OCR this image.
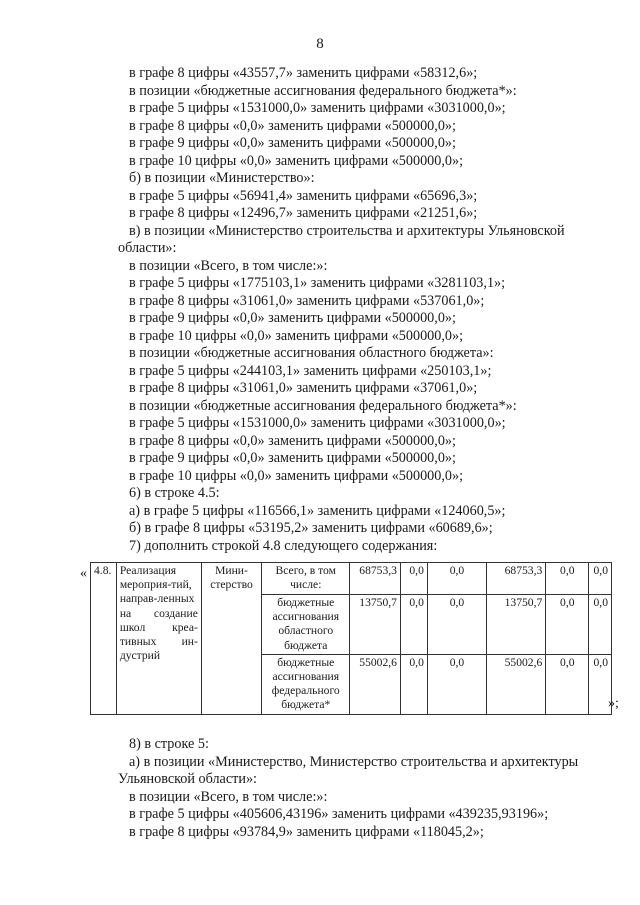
8
в графе 8 цифры «43557,7» заменить цифрами «58312,6»;
в позиции «бюджетные ассигнования федерального бюджета*»:
в графе 5 цифры «1531000,0» заменить цифрами «3031000,0»;
в графе 8 цифры «0,0» заменить цифрами «500000,0»;
в графе 9 цифры «0,0» заменить цифрами «500000,0»;
в графе 10 цифры «0,0» заменить цифрами «500000,0»;
б) в позиции «Министерство»:
в графе 5 цифры «56941,4» заменить цифрами «65696,3»;
в графе 8 цифры «12496,7» заменить цифрами «21251,6»;
в) в позиции «Министерство строительства и архитектуры Ульяновской
области»:
в позиции «Всего, в том числе:»:
в графе 5 цифры «1775103,1» заменить цифрами «3281103,1»;
в графе 8 цифры «31061,0» заменить цифрами «537061,0»;
в графе 9 цифры «0,0» заменить цифрами «500000,0»;
в графе 10 цифры «0,0» заменить цифрами «500000,0»;
в позиции «бюджетные ассигнования областного бюджета»:
в графе 5 цифры «244103,1» заменить цифрами «250103,1»;
в графе 8 цифры «31061,0» заменить цифрами «37061,0»;
в позиции «бюджетные ассигнования федерального бюджета*»:
в графе 5 цифры «1531000,0» заменить цифрами «3031000,0»;
в графе 8 цифры «0,0» заменить цифрами «500000,0»;
в графе 9 цифры «0,0» заменить цифрами «500000,0»;
в графе 10 цифры «0,0» заменить цифрами «500000,0»;
6) в строке 4.5:
а) в графе 5 цифры «116566,1» заменить цифрами «124060,5»;
б) в графе 8 цифры «53195,2» заменить цифрами «60689,6»;
7) дополнить строкой 4.8 следующего содержания:
« 4.8.	Реализация мероприя-тий, направ-ленных на создание школ креа-тивных ин-дустрий	Мини-стерство	Всего, в том числе:	68753,3	0,0	0,0	68753,3	0,0	0,0
			бюджетные ассигнования областного бюджета	13750,7	0,0	0,0	13750,7	0,0	0,0
			бюджетные ассигнования федерального бюджета*	55002,6	0,0	0,0	55002,6	0,0	0,0
»;
8) в строке 5:
а) в позиции «Министерство, Министерство строительства и архитектуры
Ульяновской области»:
в позиции «Всего, в том числе:»:
в графе 5 цифры «405606,43196» заменить цифрами «439235,93196»;
в графе 8 цифры «93784,9» заменить цифрами «118045,2»;
